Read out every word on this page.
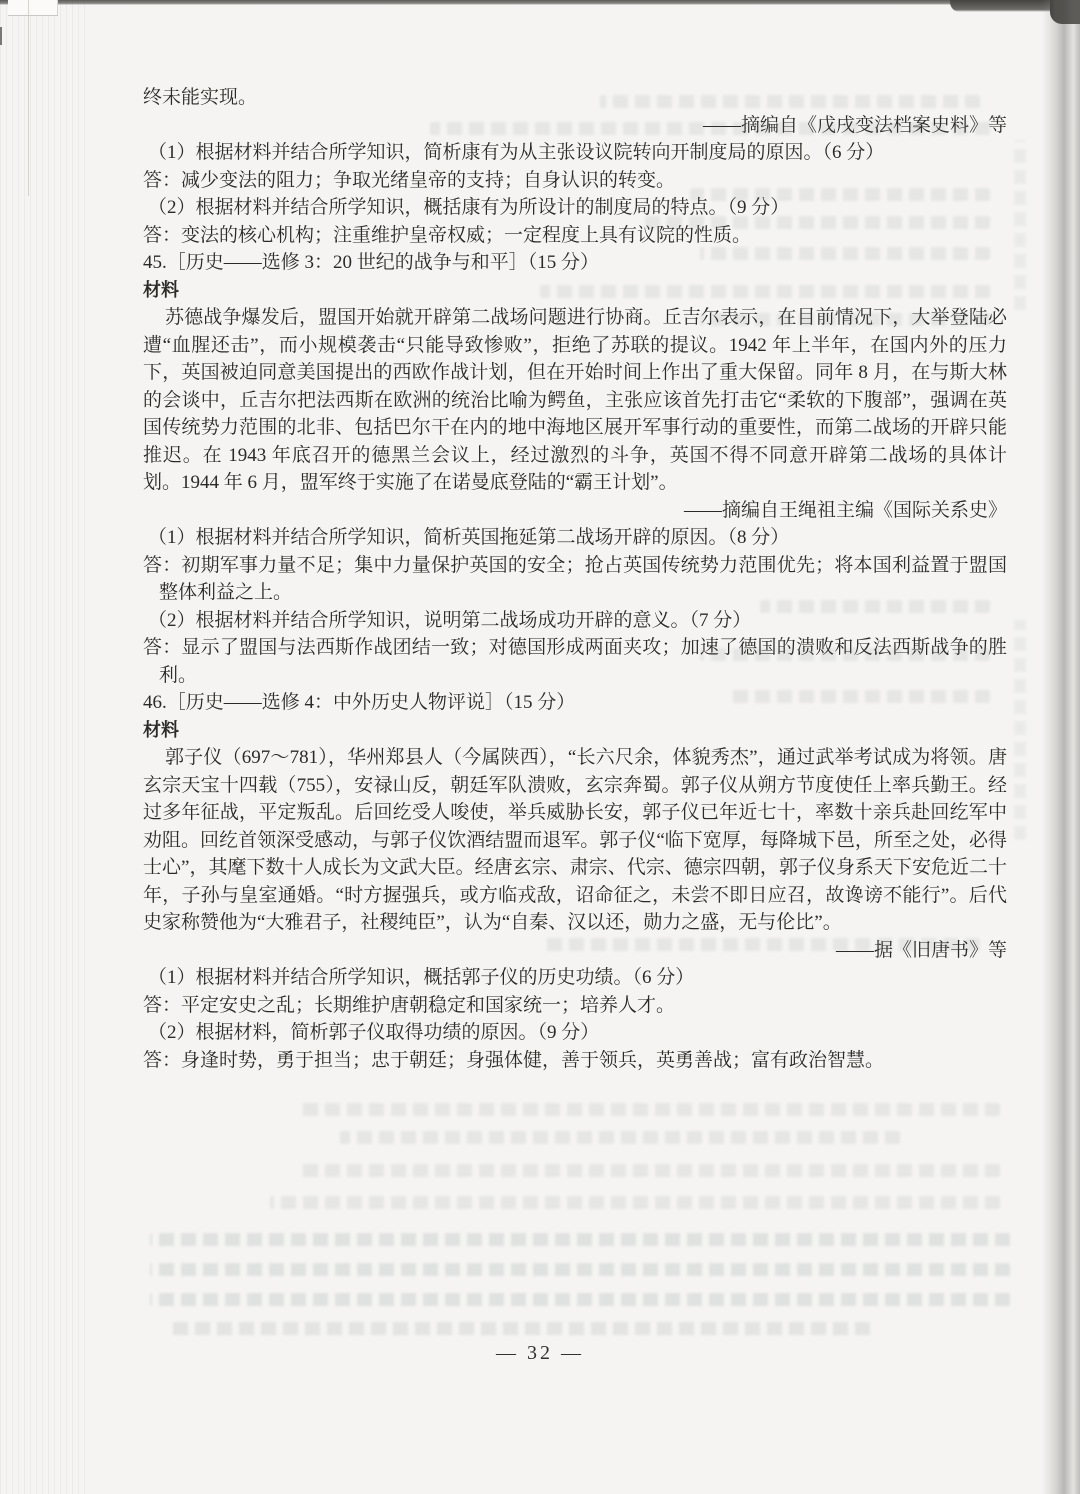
终未能实现。

——摘编自《戊戌变法档案史料》等

（1）根据材料并结合所学知识，简析康有为从主张设议院转向开制度局的原因。（6 分）

答：减少变法的阻力；争取光绪皇帝的支持；自身认识的转变。

（2）根据材料并结合所学知识，概括康有为所设计的制度局的特点。（9 分）

答：变法的核心机构；注重维护皇帝权威；一定程度上具有议院的性质。

45.［历史——选修 3：20 世纪的战争与和平］（15 分）

材料

苏德战争爆发后，盟国开始就开辟第二战场问题进行协商。丘吉尔表示，在目前情况下，大举登陆必遭“血腥还击”，而小规模袭击“只能导致惨败”，拒绝了苏联的提议。1942 年上半年，在国内外的压力下，英国被迫同意美国提出的西欧作战计划，但在开始时间上作出了重大保留。同年 8 月，在与斯大林的会谈中，丘吉尔把法西斯在欧洲的统治比喻为鳄鱼，主张应该首先打击它“柔软的下腹部”，强调在英国传统势力范围的北非、包括巴尔干在内的地中海地区展开军事行动的重要性，而第二战场的开辟只能推迟。在 1943 年底召开的德黑兰会议上，经过激烈的斗争，英国不得不同意开辟第二战场的具体计划。1944 年 6 月，盟军终于实施了在诺曼底登陆的“霸王计划”。

——摘编自王绳祖主编《国际关系史》

（1）根据材料并结合所学知识，简析英国拖延第二战场开辟的原因。（8 分）

答：初期军事力量不足；集中力量保护英国的安全；抢占英国传统势力范围优先；将本国利益置于盟国整体利益之上。

（2）根据材料并结合所学知识，说明第二战场成功开辟的意义。（7 分）

答：显示了盟国与法西斯作战团结一致；对德国形成两面夹攻；加速了德国的溃败和反法西斯战争的胜利。

46.［历史——选修 4：中外历史人物评说］（15 分）

材料

郭子仪（697～781），华州郑县人（今属陕西），“长六尺余，体貌秀杰”，通过武举考试成为将领。唐玄宗天宝十四载（755），安禄山反，朝廷军队溃败，玄宗奔蜀。郭子仪从朔方节度使任上率兵勤王。经过多年征战，平定叛乱。后回纥受人唆使，举兵威胁长安，郭子仪已年近七十，率数十亲兵赴回纥军中劝阻。回纥首领深受感动，与郭子仪饮酒结盟而退军。郭子仪“临下宽厚，每降城下邑，所至之处，必得士心”，其麾下数十人成长为文武大臣。经唐玄宗、肃宗、代宗、德宗四朝，郭子仪身系天下安危近二十年，子孙与皇室通婚。“时方握强兵，或方临戎敌，诏命征之，未尝不即日应召，故谗谤不能行”。后代史家称赞他为“大雅君子，社稷纯臣”，认为“自秦、汉以还，勋力之盛，无与伦比”。

——据《旧唐书》等

（1）根据材料并结合所学知识，概括郭子仪的历史功绩。（6 分）

答：平定安史之乱；长期维护唐朝稳定和国家统一；培养人才。

（2）根据材料，简析郭子仪取得功绩的原因。（9 分）

答：身逢时势，勇于担当；忠于朝廷；身强体健，善于领兵，英勇善战；富有政治智慧。

— 32 —
